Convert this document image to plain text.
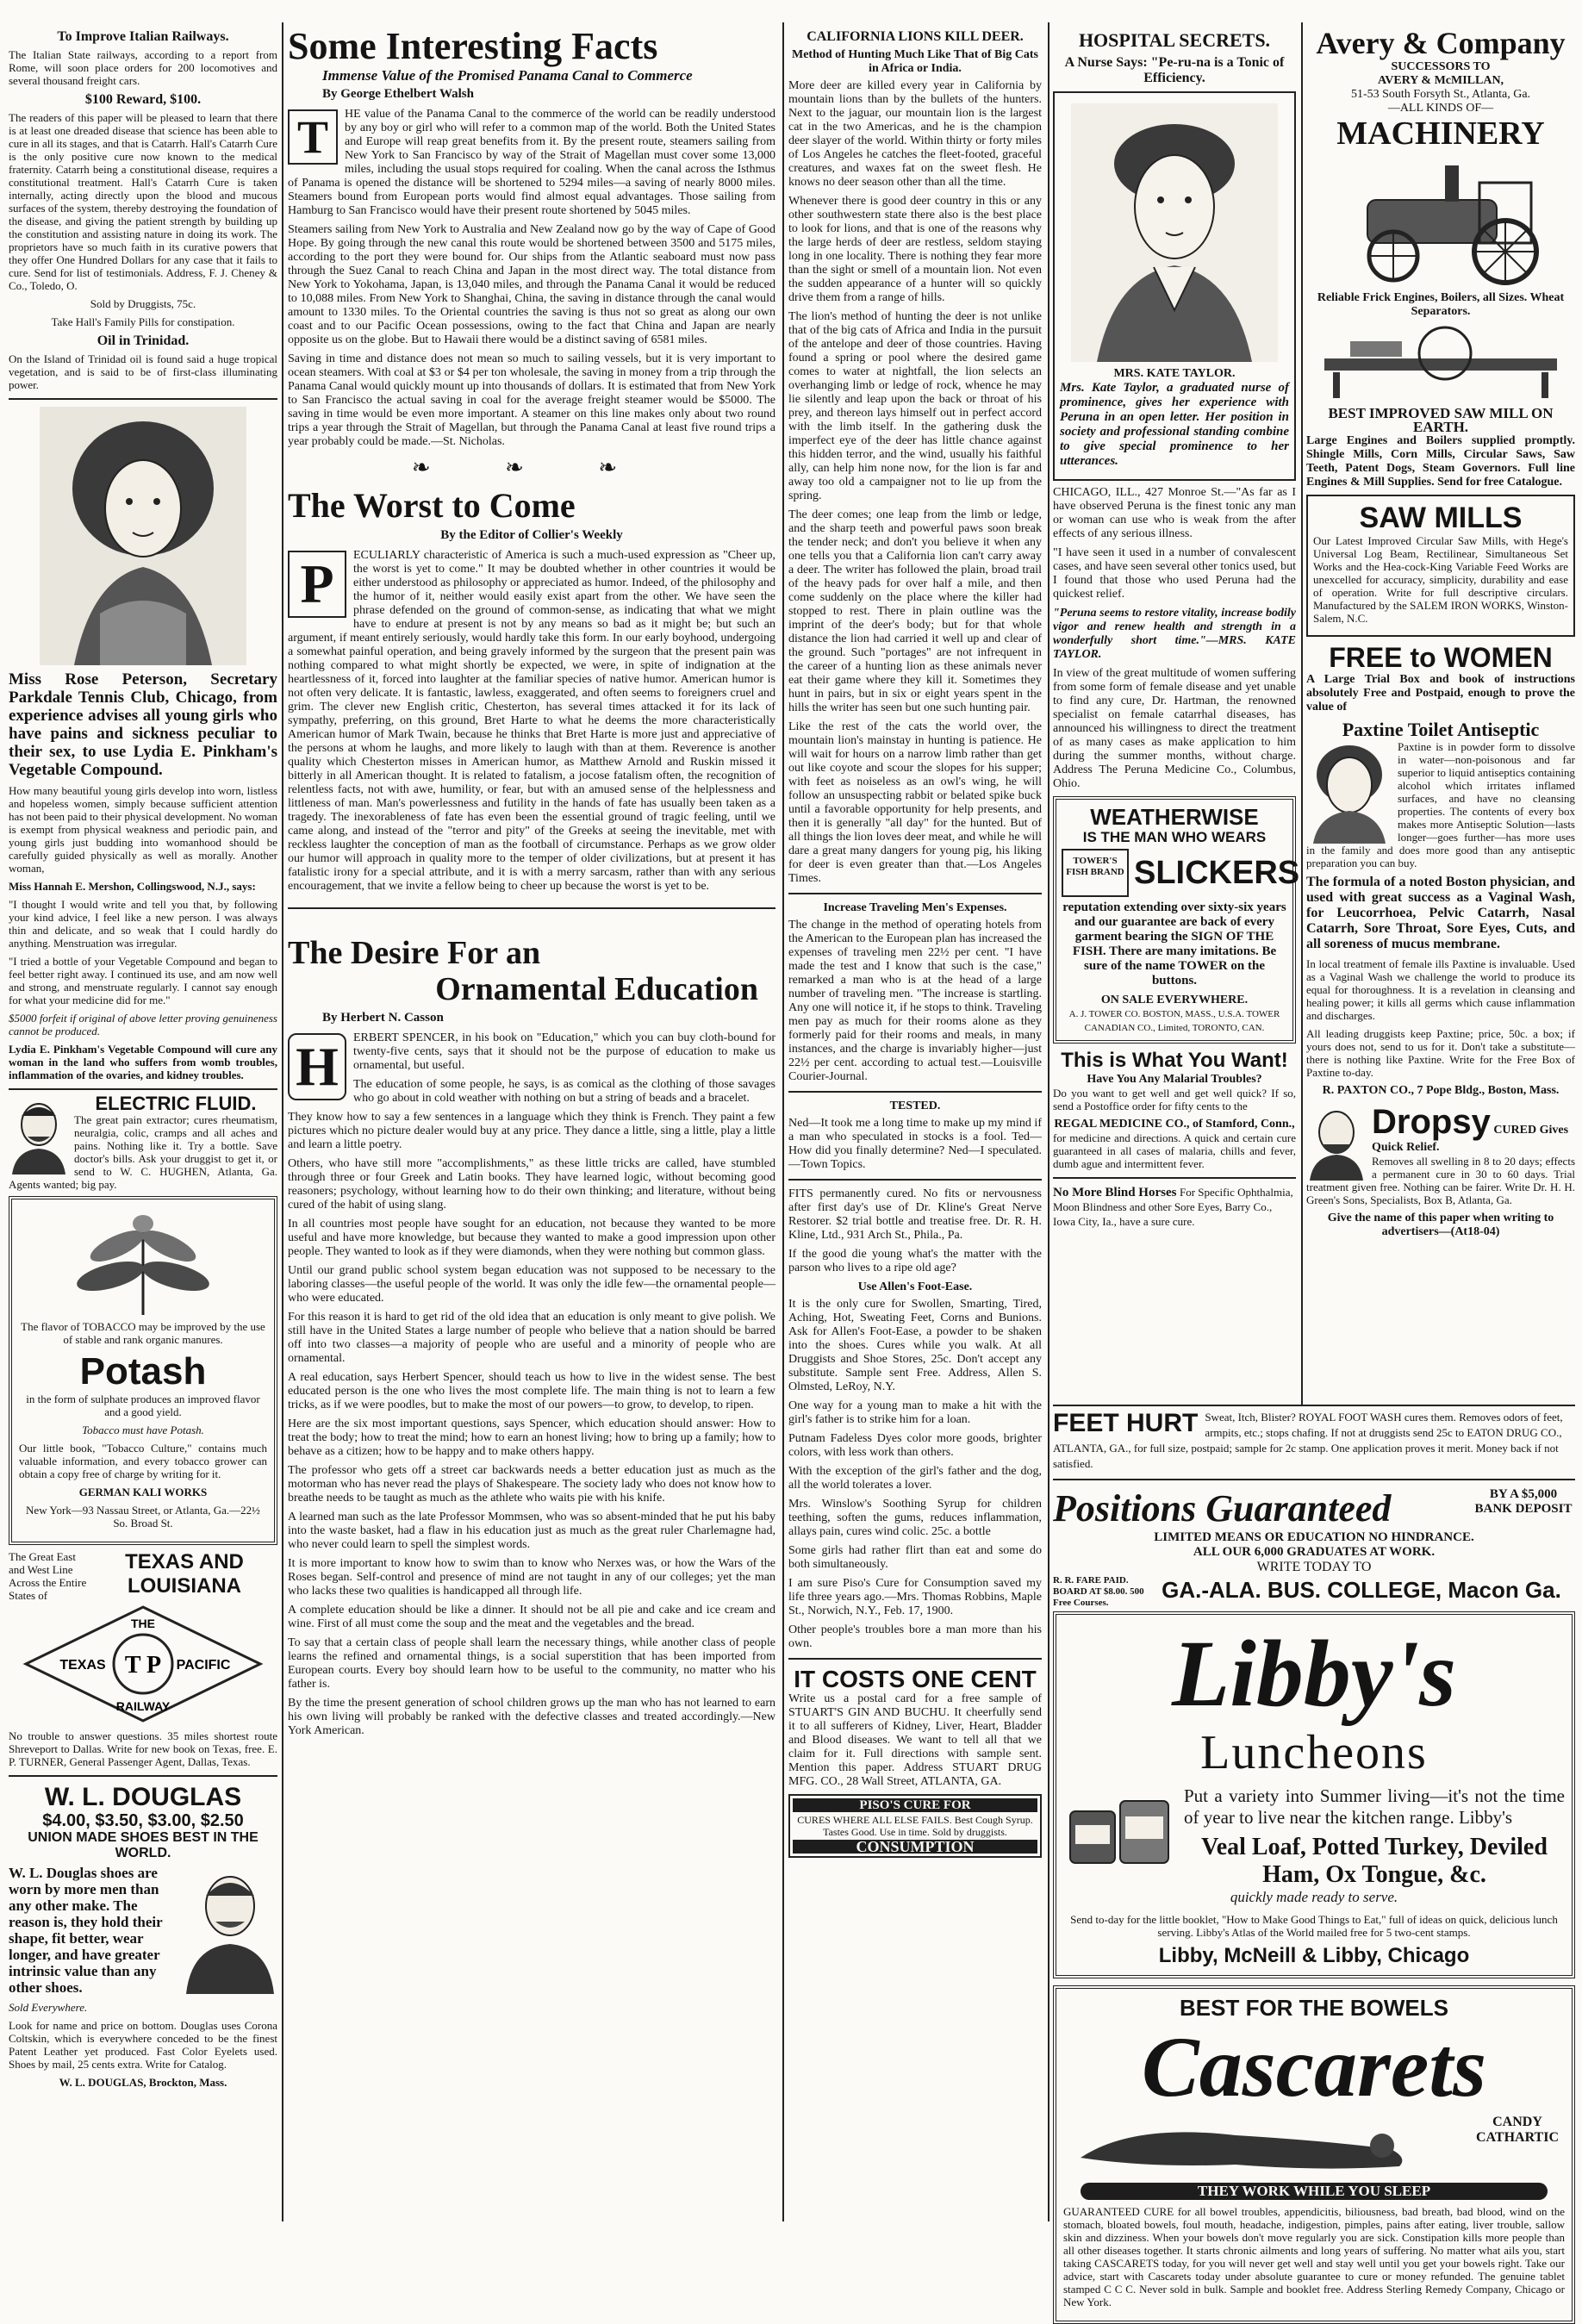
To Improve Italian Railways.

The Italian State railways, according to a report from Rome, will soon place orders for 200 locomotives and several thousand freight cars.

$100 Reward, $100.

The readers of this paper will be pleased to learn that there is at least one dreaded disease that science has been able to cure in all its stages, and that is Catarrh. Hall's Catarrh Cure is the only positive cure now known to the medical fraternity. Catarrh being a constitutional disease, requires a constitutional treatment. Hall's Catarrh Cure is taken internally, acting directly upon the blood and mucous surfaces of the system, thereby destroying the foundation of the disease, and giving the patient strength by building up the constitution and assisting nature in doing its work. The proprietors have so much faith in its curative powers that they offer One Hundred Dollars for any case that it fails to cure. Send for list of testimonials. Address, F. J. Cheney & Co., Toledo, O.

Sold by Druggists, 75c.

Take Hall's Family Pills for constipation.

Oil in Trinidad.

On the Island of Trinidad oil is found said a huge tropical vegetation, and is said to be of first-class illuminating power.

Miss Rose Peterson, Secretary Parkdale Tennis Club, Chicago, from experience advises all young girls who have pains and sickness peculiar to their sex, to use Lydia E. Pinkham's Vegetable Compound.

How many beautiful young girls develop into worn, listless and hopeless women, simply because sufficient attention has not been paid to their physical development. No woman is exempt from physical weakness and periodic pain, and young girls just budding into womanhood should be carefully guided physically as well as morally. Another woman,

Miss Hannah E. Mershon, Collingswood, N.J., says:

"I thought I would write and tell you that, by following your kind advice, I feel like a new person. I was always thin and delicate, and so weak that I could hardly do anything. Menstruation was irregular.

"I tried a bottle of your Vegetable Compound and began to feel better right away. I continued its use, and am now well and strong, and menstruate regularly. I cannot say enough for what your medicine did for me."

$5000 forfeit if original of above letter proving genuineness cannot be produced.

Lydia E. Pinkham's Vegetable Compound will cure any woman in the land who suffers from womb troubles, inflammation of the ovaries, and kidney troubles.

ELECTRIC FLUID.

The great pain extractor; cures rheumatism, neuralgia, colic, cramps and all aches and pains. Nothing like it. Try a bottle. Save doctor's bills. Ask your druggist to get it, or send to W. C. HUGHEN, Atlanta, Ga. Agents wanted; big pay.

The flavor of TOBACCO may be improved by the use of stable and rank organic manures.

Potash

in the form of sulphate produces an improved flavor and a good yield.

Tobacco must have Potash.

Our little book, "Tobacco Culture," contains much valuable information, and every tobacco grower can obtain a copy free of charge by writing for it.

GERMAN KALI WORKS

New York—93 Nassau Street, or Atlanta, Ga.—22½ So. Broad St.

The Great East and West Line Across the Entire States of
TEXAS AND LOUISIANA
THE
TEXAS	PACIFIC
T P
RAILWAY

No trouble to answer questions. 35 miles shortest route Shreveport to Dallas. Write for new book on Texas, free. E. P. TURNER, General Passenger Agent, Dallas, Texas.

W. L. DOUGLAS
$4.00, $3.50, $3.00, $2.50
UNION MADE SHOES BEST IN THE WORLD.

W. L. Douglas shoes are worn by more men than any other make. The reason is, they hold their shape, fit better, wear longer, and have greater intrinsic value than any other shoes.

Sold Everywhere.

Look for name and price on bottom. Douglas uses Corona Coltskin, which is everywhere conceded to be the finest Patent Leather yet produced. Fast Color Eyelets used. Shoes by mail, 25 cents extra. Write for Catalog.

W. L. DOUGLAS, Brockton, Mass.

Some Interesting Facts
Immense Value of the Promised Panama Canal to Commerce
By George Ethelbert Walsh
T	HE value of the Panama Canal to the commerce of the world can be readily understood by any boy or girl who will refer to a common map of the world. Both the United States and Europe will reap great benefits from it. By the present route, steamers sailing from New York to San Francisco by way of the Strait of Magellan must cover some 13,000 miles, including the usual stops required for coaling. When the canal across the Isthmus of Panama is opened the distance will be shortened to 5294 miles—a saving of nearly 8000 miles. Steamers bound from European ports would find almost equal advantages. Those sailing from Hamburg to San Francisco would have their present route shortened by 5045 miles.

Steamers sailing from New York to Australia and New Zealand now go by the way of Cape of Good Hope. By going through the new canal this route would be shortened between 3500 and 5175 miles, according to the port they were bound for. Our ships from the Atlantic seaboard must now pass through the Suez Canal to reach China and Japan in the most direct way. The total distance from New York to Yokohama, Japan, is 13,040 miles, and through the Panama Canal it would be reduced to 10,088 miles. From New York to Shanghai, China, the saving in distance through the canal would amount to 1330 miles. To the Oriental countries the saving is thus not so great as along our own coast and to our Pacific Ocean possessions, owing to the fact that China and Japan are nearly opposite us on the globe. But to Hawaii there would be a distinct saving of 6581 miles.

Saving in time and distance does not mean so much to sailing vessels, but it is very important to ocean steamers. With coal at $3 or $4 per ton wholesale, the saving in money from a trip through the Panama Canal would quickly mount up into thousands of dollars. It is estimated that from New York to San Francisco the actual saving in coal for the average freight steamer would be $5000. The saving in time would be even more important. A steamer on this line makes only about two round trips a year through the Strait of Magellan, but through the Panama Canal at least five round trips a year probably could be made.—St. Nicholas.

❧ ❧ ❧
The Worst to Come
By the Editor of Collier's Weekly
P	ECULIARLY characteristic of America is such a much-used expression as "Cheer up, the worst is yet to come." It may be doubted whether in other countries it would be either understood as philosophy or appreciated as humor. Indeed, of the philosophy and the humor of it, neither would easily exist apart from the other. We have seen the phrase defended on the ground of common-sense, as indicating that what we might have to endure at present is not by any means so bad as it might be; but such an argument, if meant entirely seriously, would hardly take this form. In our early boyhood, undergoing a somewhat painful operation, and being gravely informed by the surgeon that the present pain was nothing compared to what might shortly be expected, we were, in spite of indignation at the heartlessness of it, forced into laughter at the familiar species of native humor. American humor is not often very delicate. It is fantastic, lawless, exaggerated, and often seems to foreigners cruel and grim. The clever new English critic, Chesterton, has several times attacked it for its lack of sympathy, preferring, on this ground, Bret Harte to what he deems the more characteristically American humor of Mark Twain, because he thinks that Bret Harte is more just and appreciative of the persons at whom he laughs, and more likely to laugh with than at them. Reverence is another quality which Chesterton misses in American humor, as Matthew Arnold and Ruskin missed it bitterly in all American thought. It is related to fatalism, a jocose fatalism often, the recognition of relentless facts, not with awe, humility, or fear, but with an amused sense of the helplessness and littleness of man. Man's powerlessness and futility in the hands of fate has usually been taken as a tragedy. The inexorableness of fate has even been the essential ground of tragic feeling, until we came along, and instead of the "terror and pity" of the Greeks at seeing the inevitable, met with reckless laughter the conception of man as the football of circumstance. Perhaps as we grow older our humor will approach in quality more to the temper of older civilizations, but at present it has fatalistic irony for a special attribute, and it is with a merry sarcasm, rather than with any serious encouragement, that we invite a fellow being to cheer up because the worst is yet to be.

The Desire For an
Ornamental Education
By Herbert N. Casson
H	ERBERT SPENCER, in his book on "Education," which you can buy cloth-bound for twenty-five cents, says that it should not be the purpose of education to make us ornamental, but useful.

The education of some people, he says, is as comical as the clothing of those savages who go about in cold weather with nothing on but a string of beads and a bracelet.

They know how to say a few sentences in a language which they think is French. They paint a few pictures which no picture dealer would buy at any price. They dance a little, sing a little, play a little and learn a little poetry.

Others, who have still more "accomplishments," as these little tricks are called, have stumbled through three or four Greek and Latin books. They have learned logic, without becoming good reasoners; psychology, without learning how to do their own thinking; and literature, without being cured of the habit of using slang.

In all countries most people have sought for an education, not because they wanted to be more useful and have more knowledge, but because they wanted to make a good impression upon other people. They wanted to look as if they were diamonds, when they were nothing but common glass.

Until our grand public school system began education was not supposed to be necessary to the laboring classes—the useful people of the world. It was only the idle few—the ornamental people—who were educated.

For this reason it is hard to get rid of the old idea that an education is only meant to give polish. We still have in the United States a large number of people who believe that a nation should be barred off into two classes—a majority of people who are useful and a minority of people who are ornamental.

A real education, says Herbert Spencer, should teach us how to live in the widest sense. The best educated person is the one who lives the most complete life. The main thing is not to learn a few tricks, as if we were poodles, but to make the most of our powers—to grow, to develop, to ripen.

Here are the six most important questions, says Spencer, which education should answer: How to treat the body; how to treat the mind; how to earn an honest living; how to bring up a family; how to behave as a citizen; how to be happy and to make others happy.

The professor who gets off a street car backwards needs a better education just as much as the motorman who has never read the plays of Shakespeare. The society lady who does not know how to breathe needs to be taught as much as the athlete who waits pie with his knife.

A learned man such as the late Professor Mommsen, who was so absent-minded that he put his baby into the waste basket, had a flaw in his education just as much as the great ruler Charlemagne had, who never could learn to spell the simplest words.

It is more important to know how to swim than to know who Nerxes was, or how the Wars of the Roses began. Self-control and presence of mind are not taught in any of our colleges; yet the man who lacks these two qualities is handicapped all through life.

A complete education should be like a dinner. It should not be all pie and cake and ice cream and wine. First of all must come the soup and the meat and the vegetables and the bread.

To say that a certain class of people shall learn the necessary things, while another class of people learns the refined and ornamental things, is a social superstition that has been imported from European courts. Every boy should learn how to be useful to the community, no matter who his father is.

By the time the present generation of school children grows up the man who has not learned to earn his own living will probably be ranked with the defective classes and treated accordingly.—New York American.

CALIFORNIA LIONS KILL DEER.
Method of Hunting Much Like That of Big Cats in Africa or India.

More deer are killed every year in California by mountain lions than by the bullets of the hunters. Next to the jaguar, our mountain lion is the largest cat in the two Americas, and he is the champion deer slayer of the world. Within thirty or forty miles of Los Angeles he catches the fleet-footed, graceful creatures, and waxes fat on the sweet flesh. He knows no deer season other than all the time.

Whenever there is good deer country in this or any other southwestern state there also is the best place to look for lions, and that is one of the reasons why the large herds of deer are restless, seldom staying long in one locality. There is nothing they fear more than the sight or smell of a mountain lion. Not even the sudden appearance of a hunter will so quickly drive them from a range of hills.

The lion's method of hunting the deer is not unlike that of the big cats of Africa and India in the pursuit of the antelope and deer of those countries. Having found a spring or pool where the desired game comes to water at nightfall, the lion selects an overhanging limb or ledge of rock, whence he may lie silently and leap upon the back or throat of his prey, and thereon lays himself out in perfect accord with the limb itself. In the gathering dusk the imperfect eye of the deer has little chance against this hidden terror, and the wind, usually his faithful ally, can help him none now, for the lion is far and away too old a campaigner not to lie up from the spring.

The deer comes; one leap from the limb or ledge, and the sharp teeth and powerful paws soon break the tender neck; and don't you believe it when any one tells you that a California lion can't carry away a deer. The writer has followed the plain, broad trail of the heavy pads for over half a mile, and then come suddenly on the place where the killer had stopped to rest. There in plain outline was the imprint of the deer's body; but for that whole distance the lion had carried it well up and clear of the ground. Such "portages" are not infrequent in the career of a hunting lion as these animals never eat their game where they kill it. Sometimes they hunt in pairs, but in six or eight years spent in the hills the writer has seen but one such hunting pair.

Like the rest of the cats the world over, the mountain lion's mainstay in hunting is patience. He will wait for hours on a narrow limb rather than get out like coyote and scour the slopes for his supper; with feet as noiseless as an owl's wing, he will follow an unsuspecting rabbit or belated spike buck until a favorable opportunity for help presents, and then it is generally "all day" for the hunted. But of all things the lion loves deer meat, and while he will dare a great many dangers for young pig, his liking for deer is even greater than that.—Los Angeles Times.

Increase Traveling Men's Expenses.

The change in the method of operating hotels from the American to the European plan has increased the expenses of traveling men 22½ per cent. "I have made the test and I know that such is the case," remarked a man who is at the head of a large number of traveling men. "The increase is startling. Any one will notice it, if he stops to think. Traveling men pay as much for their rooms alone as they formerly paid for their rooms and meals, in many instances, and the charge is invariably higher—just 22½ per cent. according to actual test.—Louisville Courier-Journal.

TESTED.

Ned—It took me a long time to make up my mind if a man who speculated in stocks is a fool. Ted—How did you finally determine? Ned—I speculated.—Town Topics.

FITS permanently cured. No fits or nervousness after first day's use of Dr. Kline's Great Nerve Restorer. $2 trial bottle and treatise free. Dr. R. H. Kline, Ltd., 931 Arch St., Phila., Pa.

If the good die young what's the matter with the parson who lives to a ripe old age?

Use Allen's Foot-Ease.

It is the only cure for Swollen, Smarting, Tired, Aching, Hot, Sweating Feet, Corns and Bunions. Ask for Allen's Foot-Ease, a powder to be shaken into the shoes. Cures while you walk. At all Druggists and Shoe Stores, 25c. Don't accept any substitute. Sample sent Free. Address, Allen S. Olmsted, LeRoy, N.Y.

One way for a young man to make a hit with the girl's father is to strike him for a loan.

Putnam Fadeless Dyes color more goods, brighter colors, with less work than others.

With the exception of the girl's father and the dog, all the world tolerates a lover.

Mrs. Winslow's Soothing Syrup for children teething, soften the gums, reduces inflammation, allays pain, cures wind colic. 25c. a bottle

Some girls had rather flirt than eat and some do both simultaneously.

I am sure Piso's Cure for Consumption saved my life three years ago.—Mrs. Thomas Robbins, Maple St., Norwich, N.Y., Feb. 17, 1900.

Other people's troubles bore a man more than his own.

IT COSTS ONE CENT

Write us a postal card for a free sample of STUART'S GIN AND BUCHU. It cheerfully send it to all sufferers of Kidney, Liver, Heart, Bladder and Blood diseases. We want to tell all that we claim for it. Full directions with sample sent. Mention this paper. Address STUART DRUG MFG. CO., 28 Wall Street, ATLANTA, GA.

PISO'S CURE FOR
CURES WHERE ALL ELSE FAILS. Best Cough Syrup. Tastes Good. Use in time. Sold by druggists.
CONSUMPTION
HOSPITAL SECRETS.
A Nurse Says: "Pe-ru-na is a Tonic of Efficiency.
MRS. KATE TAYLOR.

Mrs. Kate Taylor, a graduated nurse of prominence, gives her experience with Peruna in an open letter. Her position in society and professional standing combine to give special prominence to her utterances.

CHICAGO, ILL., 427 Monroe St.—"As far as I have observed Peruna is the finest tonic any man or woman can use who is weak from the after effects of any serious illness.

"I have seen it used in a number of convalescent cases, and have seen several other tonics used, but I found that those who used Peruna had the quickest relief.

"Peruna seems to restore vitality, increase bodily vigor and renew health and strength in a wonderfully short time."—MRS. KATE TAYLOR.

In view of the great multitude of women suffering from some form of female disease and yet unable to find any cure, Dr. Hartman, the renowned specialist on female catarrhal diseases, has announced his willingness to direct the treatment of as many cases as make application to him during the summer months, without charge. Address The Peruna Medicine Co., Columbus, Ohio.

WEATHERWISE
IS THE MAN WHO WEARS
TOWER'S FISH BRAND SLICKERS

reputation extending over sixty-six years and our guarantee are back of every garment bearing the SIGN OF THE FISH. There are many imitations. Be sure of the name TOWER on the buttons.

ON SALE EVERYWHERE.
A. J. TOWER CO. BOSTON, MASS., U.S.A. TOWER CANADIAN CO., Limited, TORONTO, CAN.
This is What You Want!
Have You Any Malarial Troubles?

Do you want to get well and get well quick? If so, send a Postoffice order for fifty cents to the

REGAL MEDICINE CO., of Stamford, Conn.,

for medicine and directions. A quick and certain cure guaranteed in all cases of malaria, chills and fever, dumb ague and intermittent fever.

No More Blind Horses For Specific Ophthalmia, Moon Blindness and other Sore Eyes, Barry Co., Iowa City, Ia., have a sure cure.
Avery & Company
SUCCESSORS TO
AVERY & McMILLAN,
51-53 South Forsyth St., Atlanta, Ga.
—ALL KINDS OF—
MACHINERY

Reliable Frick Engines, Boilers, all Sizes. Wheat Separators.

BEST IMPROVED SAW MILL ON EARTH.

Large Engines and Boilers supplied promptly. Shingle Mills, Corn Mills, Circular Saws, Saw Teeth, Patent Dogs, Steam Governors. Full line Engines & Mill Supplies. Send for free Catalogue.

SAW MILLS

Our Latest Improved Circular Saw Mills, with Hege's Universal Log Beam, Rectilinear, Simultaneous Set Works and the Hea-cock-King Variable Feed Works are unexcelled for accuracy, simplicity, durability and ease of operation. Write for full descriptive circulars. Manufactured by the SALEM IRON WORKS, Winston-Salem, N.C.

FREE to WOMEN

A Large Trial Box and book of instructions absolutely Free and Postpaid, enough to prove the value of

Paxtine Toilet Antiseptic

Paxtine is in powder form to dissolve in water—non-poisonous and far superior to liquid antiseptics containing alcohol which irritates inflamed surfaces, and have no cleansing properties. The contents of every box makes more Antiseptic Solution—lasts longer—goes further—has more uses in the family and does more good than any antiseptic preparation you can buy.

The formula of a noted Boston physician, and used with great success as a Vaginal Wash, for Leucorrhoea, Pelvic Catarrh, Nasal Catarrh, Sore Throat, Sore Eyes, Cuts, and all soreness of mucus membrane.

In local treatment of female ills Paxtine is invaluable. Used as a Vaginal Wash we challenge the world to produce its equal for thoroughness. It is a revelation in cleansing and healing power; it kills all germs which cause inflammation and discharges.

All leading druggists keep Paxtine; price, 50c. a box; if yours does not, send to us for it. Don't take a substitute—there is nothing like Paxtine. Write for the Free Box of Paxtine to-day.

R. PAXTON CO., 7 Pope Bldg., Boston, Mass.

Dropsy CURED Gives Quick Relief.

Removes all swelling in 8 to 20 days; effects a permanent cure in 30 to 60 days. Trial treatment given free. Nothing can be fairer. Write Dr. H. H. Green's Sons, Specialists, Box B, Atlanta, Ga.

Give the name of this paper when writing to advertisers—(At18-04)

FEET HURT Sweat, Itch, Blister? ROYAL FOOT WASH cures them. Removes odors of feet, armpits, etc.; stops chafing. If not at druggists send 25c to EATON DRUG CO., ATLANTA, GA., for full size, postpaid; sample for 2c stamp. One application proves it merit. Money back if not satisfied.
BY A $5,000 BANK DEPOSIT
Positions Guaranteed
LIMITED MEANS OR EDUCATION NO HINDRANCE.
ALL OUR 6,000 GRADUATES AT WORK.
WRITE TODAY TO
R. R. FARE PAID. BOARD AT $8.00. 500 Free Courses.	GA.-ALA. BUS. COLLEGE, Macon Ga.
Libby's
Luncheons

Put a variety into Summer living—it's not the time of year to live near the kitchen range. Libby's

Veal Loaf, Potted Turkey, Deviled Ham, Ox Tongue, &c.
quickly made ready to serve.

Send to-day for the little booklet, "How to Make Good Things to Eat," full of ideas on quick, delicious lunch serving. Libby's Atlas of the World mailed free for 5 two-cent stamps.

Libby, McNeill & Libby, Chicago
BEST FOR THE BOWELS
Cascarets
CANDY CATHARTIC
THEY WORK WHILE YOU SLEEP

GUARANTEED CURE for all bowel troubles, appendicitis, biliousness, bad breath, bad blood, wind on the stomach, bloated bowels, foul mouth, headache, indigestion, pimples, pains after eating, liver trouble, sallow skin and dizziness. When your bowels don't move regularly you are sick. Constipation kills more people than all other diseases together. It starts chronic ailments and long years of suffering. No matter what ails you, start taking CASCARETS today, for you will never get well and stay well until you get your bowels right. Take our advice, start with Cascarets today under absolute guarantee to cure or money refunded. The genuine tablet stamped C C C. Never sold in bulk. Sample and booklet free. Address Sterling Remedy Company, Chicago or New York.
